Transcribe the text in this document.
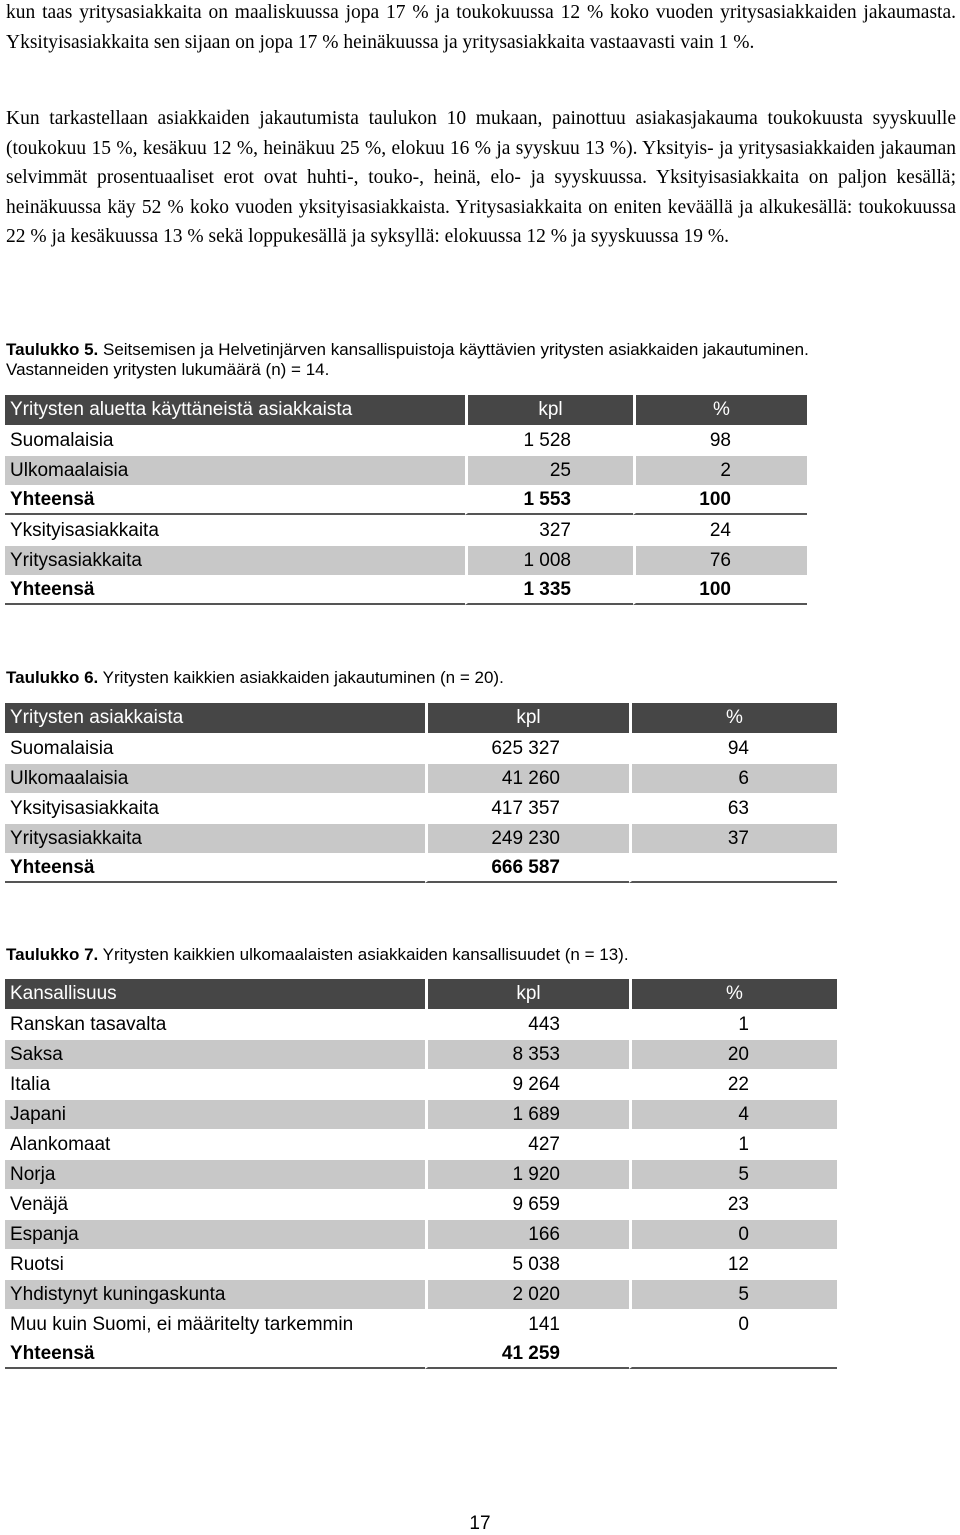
kun taas yritysasiakkaita on maaliskuussa jopa 17 % ja toukokuussa 12 % koko vuoden yritysasiakkaiden jakaumasta. Yksityisasiakkaita sen sijaan on jopa 17 % heinäkuussa ja yritysasiakkaita vastaavasti vain 1 %.

Kun tarkastellaan asiakkaiden jakautumista taulukon 10 mukaan, painottuu asiakasjakauma toukokuusta syyskuulle (toukokuu 15 %, kesäkuu 12 %, heinäkuu 25 %, elokuu 16 % ja syyskuu 13 %). Yksityis- ja yritysasiakkaiden jakauman selvimmät prosentuaaliset erot ovat huhti-, touko-, heinä, elo- ja syyskuussa. Yksityisasiakkaita on paljon kesällä; heinäkuussa käy 52 % koko vuoden yksityisasiakkaista. Yritysasiakkaita on eniten keväällä ja alkukesällä: toukokuussa 22 % ja kesäkuussa 13 % sekä loppukesällä ja syksyllä: elokuussa 12 % ja syyskuussa 19 %.

Taulukko 5. Seitsemisen ja Helvetinjärven kansallispuistoja käyttävien yritysten asiakkaiden jakautuminen. Vastanneiden yritysten lukumäärä (n) = 14.

Yritysten aluetta käyttäneistä asiakkaista	kpl	%
Suomalaisia	1 528	98
Ulkomaalaisia	25	2
Yhteensä	1 553	100
Yksityisasiakkaita	327	24
Yritysasiakkaita	1 008	76
Yhteensä	1 335	100

Taulukko 6. Yritysten kaikkien asiakkaiden jakautuminen (n = 20).

Yritysten asiakkaista	kpl	%
Suomalaisia	625 327	94
Ulkomaalaisia	41 260	6
Yksityisasiakkaita	417 357	63
Yritysasiakkaita	249 230	37
Yhteensä	666 587	

Taulukko 7. Yritysten kaikkien ulkomaalaisten asiakkaiden kansallisuudet (n = 13).

Kansallisuus	kpl	%
Ranskan tasavalta	443	1
Saksa	8 353	20
Italia	9 264	22
Japani	1 689	4
Alankomaat	427	1
Norja	1 920	5
Venäjä	9 659	23
Espanja	166	0
Ruotsi	5 038	12
Yhdistynyt kuningaskunta	2 020	5
Muu kuin Suomi, ei määritelty tarkemmin	141	0
Yhteensä	41 259	
17
